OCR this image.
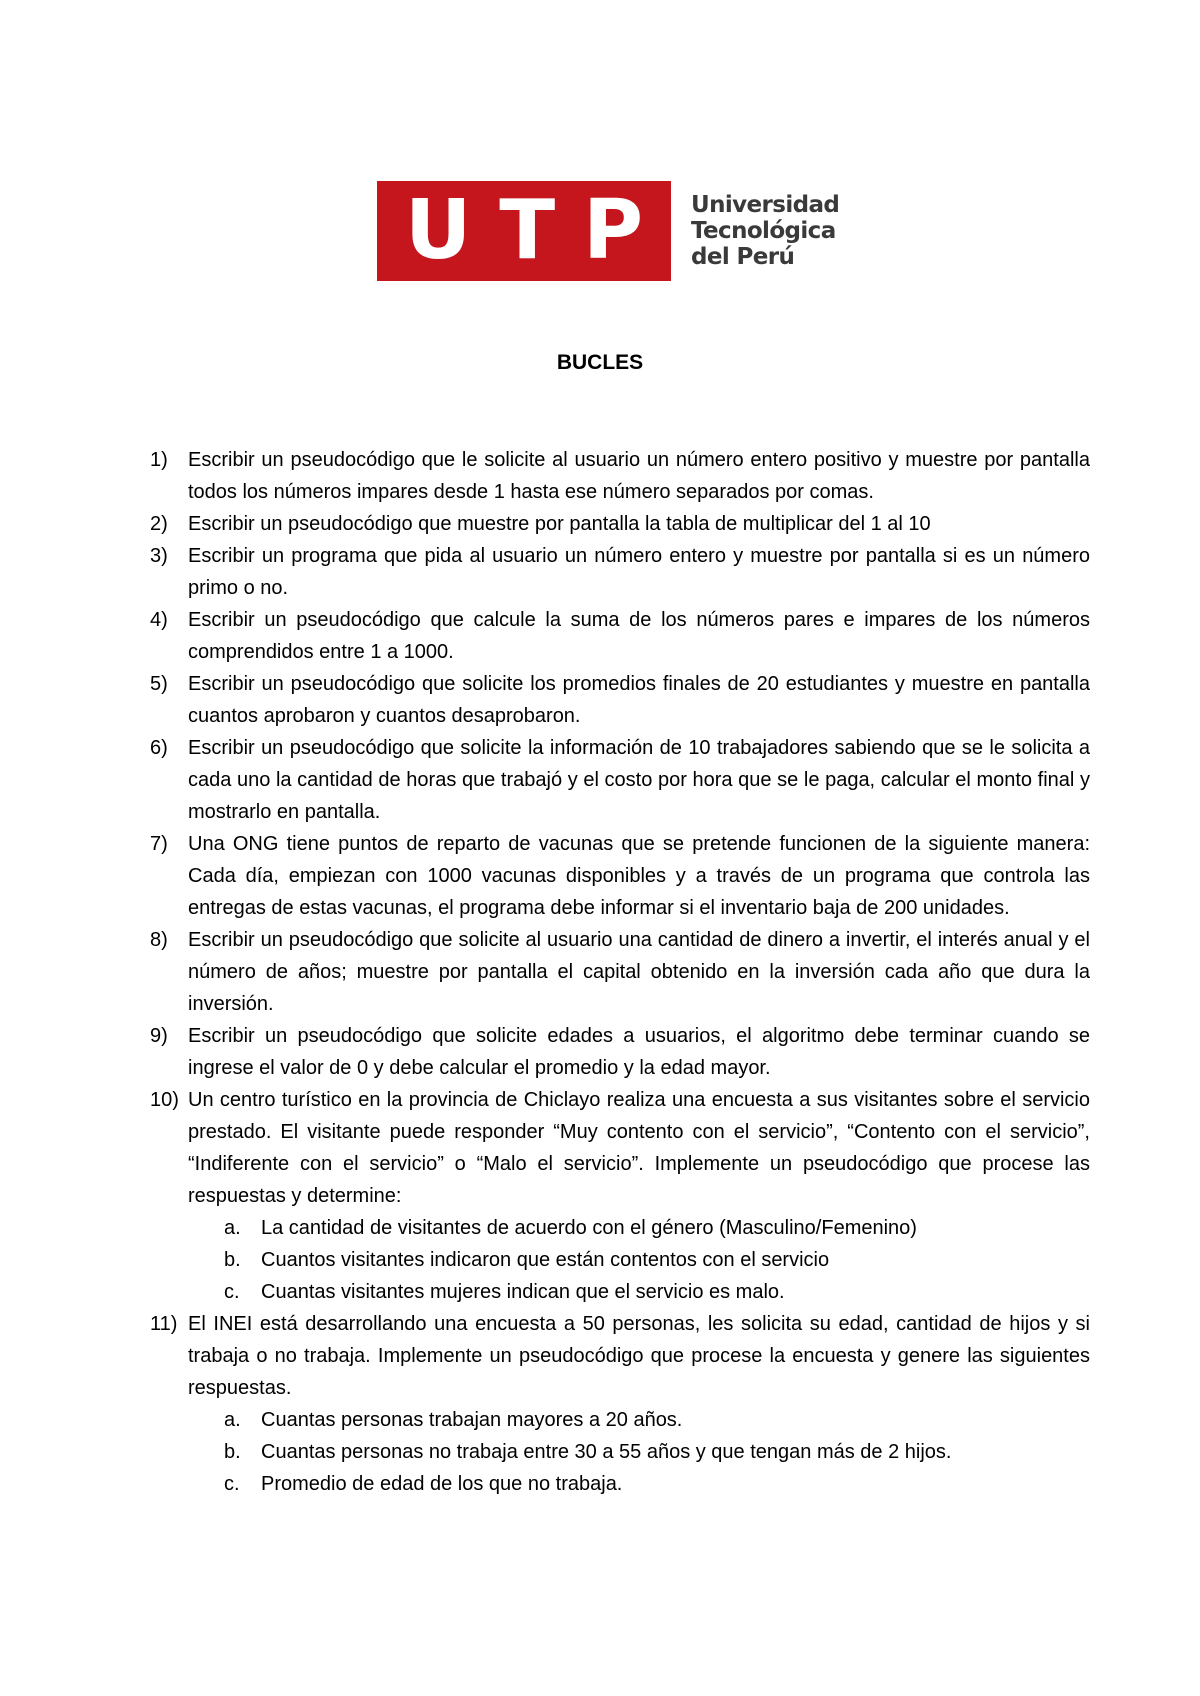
U T P Universidad
Tecnológica
del Perú
BUCLES
1) Escribir un pseudocódigo que le solicite al usuario un número entero positivo y muestre por pantalla todos los números impares desde 1 hasta ese número separados por comas.
2) Escribir un pseudocódigo que muestre por pantalla la tabla de multiplicar del 1 al 10
3) Escribir un programa que pida al usuario un número entero y muestre por pantalla si es un número primo o no.
4) Escribir un pseudocódigo que calcule la suma de los números pares e impares de los números comprendidos entre 1 a 1000.
5) Escribir un pseudocódigo que solicite los promedios finales de 20 estudiantes y muestre en pantalla cuantos aprobaron y cuantos desaprobaron.
6) Escribir un pseudocódigo que solicite la información de 10 trabajadores sabiendo que se le solicita a cada uno la cantidad de horas que trabajó y el costo por hora que se le paga, calcular el monto final y mostrarlo en pantalla.
7) Una ONG tiene puntos de reparto de vacunas que se pretende funcionen de la siguiente manera: Cada día, empiezan con 1000 vacunas disponibles y a través de un programa que controla las entregas de estas vacunas, el programa debe informar si el inventario baja de 200 unidades.
8) Escribir un pseudocódigo que solicite al usuario una cantidad de dinero a invertir, el interés anual y el número de años; muestre por pantalla el capital obtenido en la inversión cada año que dura la inversión.
9) Escribir un pseudocódigo que solicite edades a usuarios, el algoritmo debe terminar cuando se ingrese el valor de 0 y debe calcular el promedio y la edad mayor.
10) Un centro turístico en la provincia de Chiclayo realiza una encuesta a sus visitantes sobre el servicio prestado. El visitante puede responder “Muy contento con el servicio”, “Contento con el servicio”, “Indiferente con el servicio” o “Malo el servicio”. Implemente un pseudocódigo que procese las respuestas y determine:
a. La cantidad de visitantes de acuerdo con el género (Masculino/Femenino)
b. Cuantos visitantes indicaron que están contentos con el servicio
c. Cuantas visitantes mujeres indican que el servicio es malo.
11) El INEI está desarrollando una encuesta a 50 personas, les solicita su edad, cantidad de hijos y si trabaja o no trabaja. Implemente un pseudocódigo que procese la encuesta y genere las siguientes respuestas.
a. Cuantas personas trabajan mayores a 20 años.
b. Cuantas personas no trabaja entre 30 a 55 años y que tengan más de 2 hijos.
c. Promedio de edad de los que no trabaja.
